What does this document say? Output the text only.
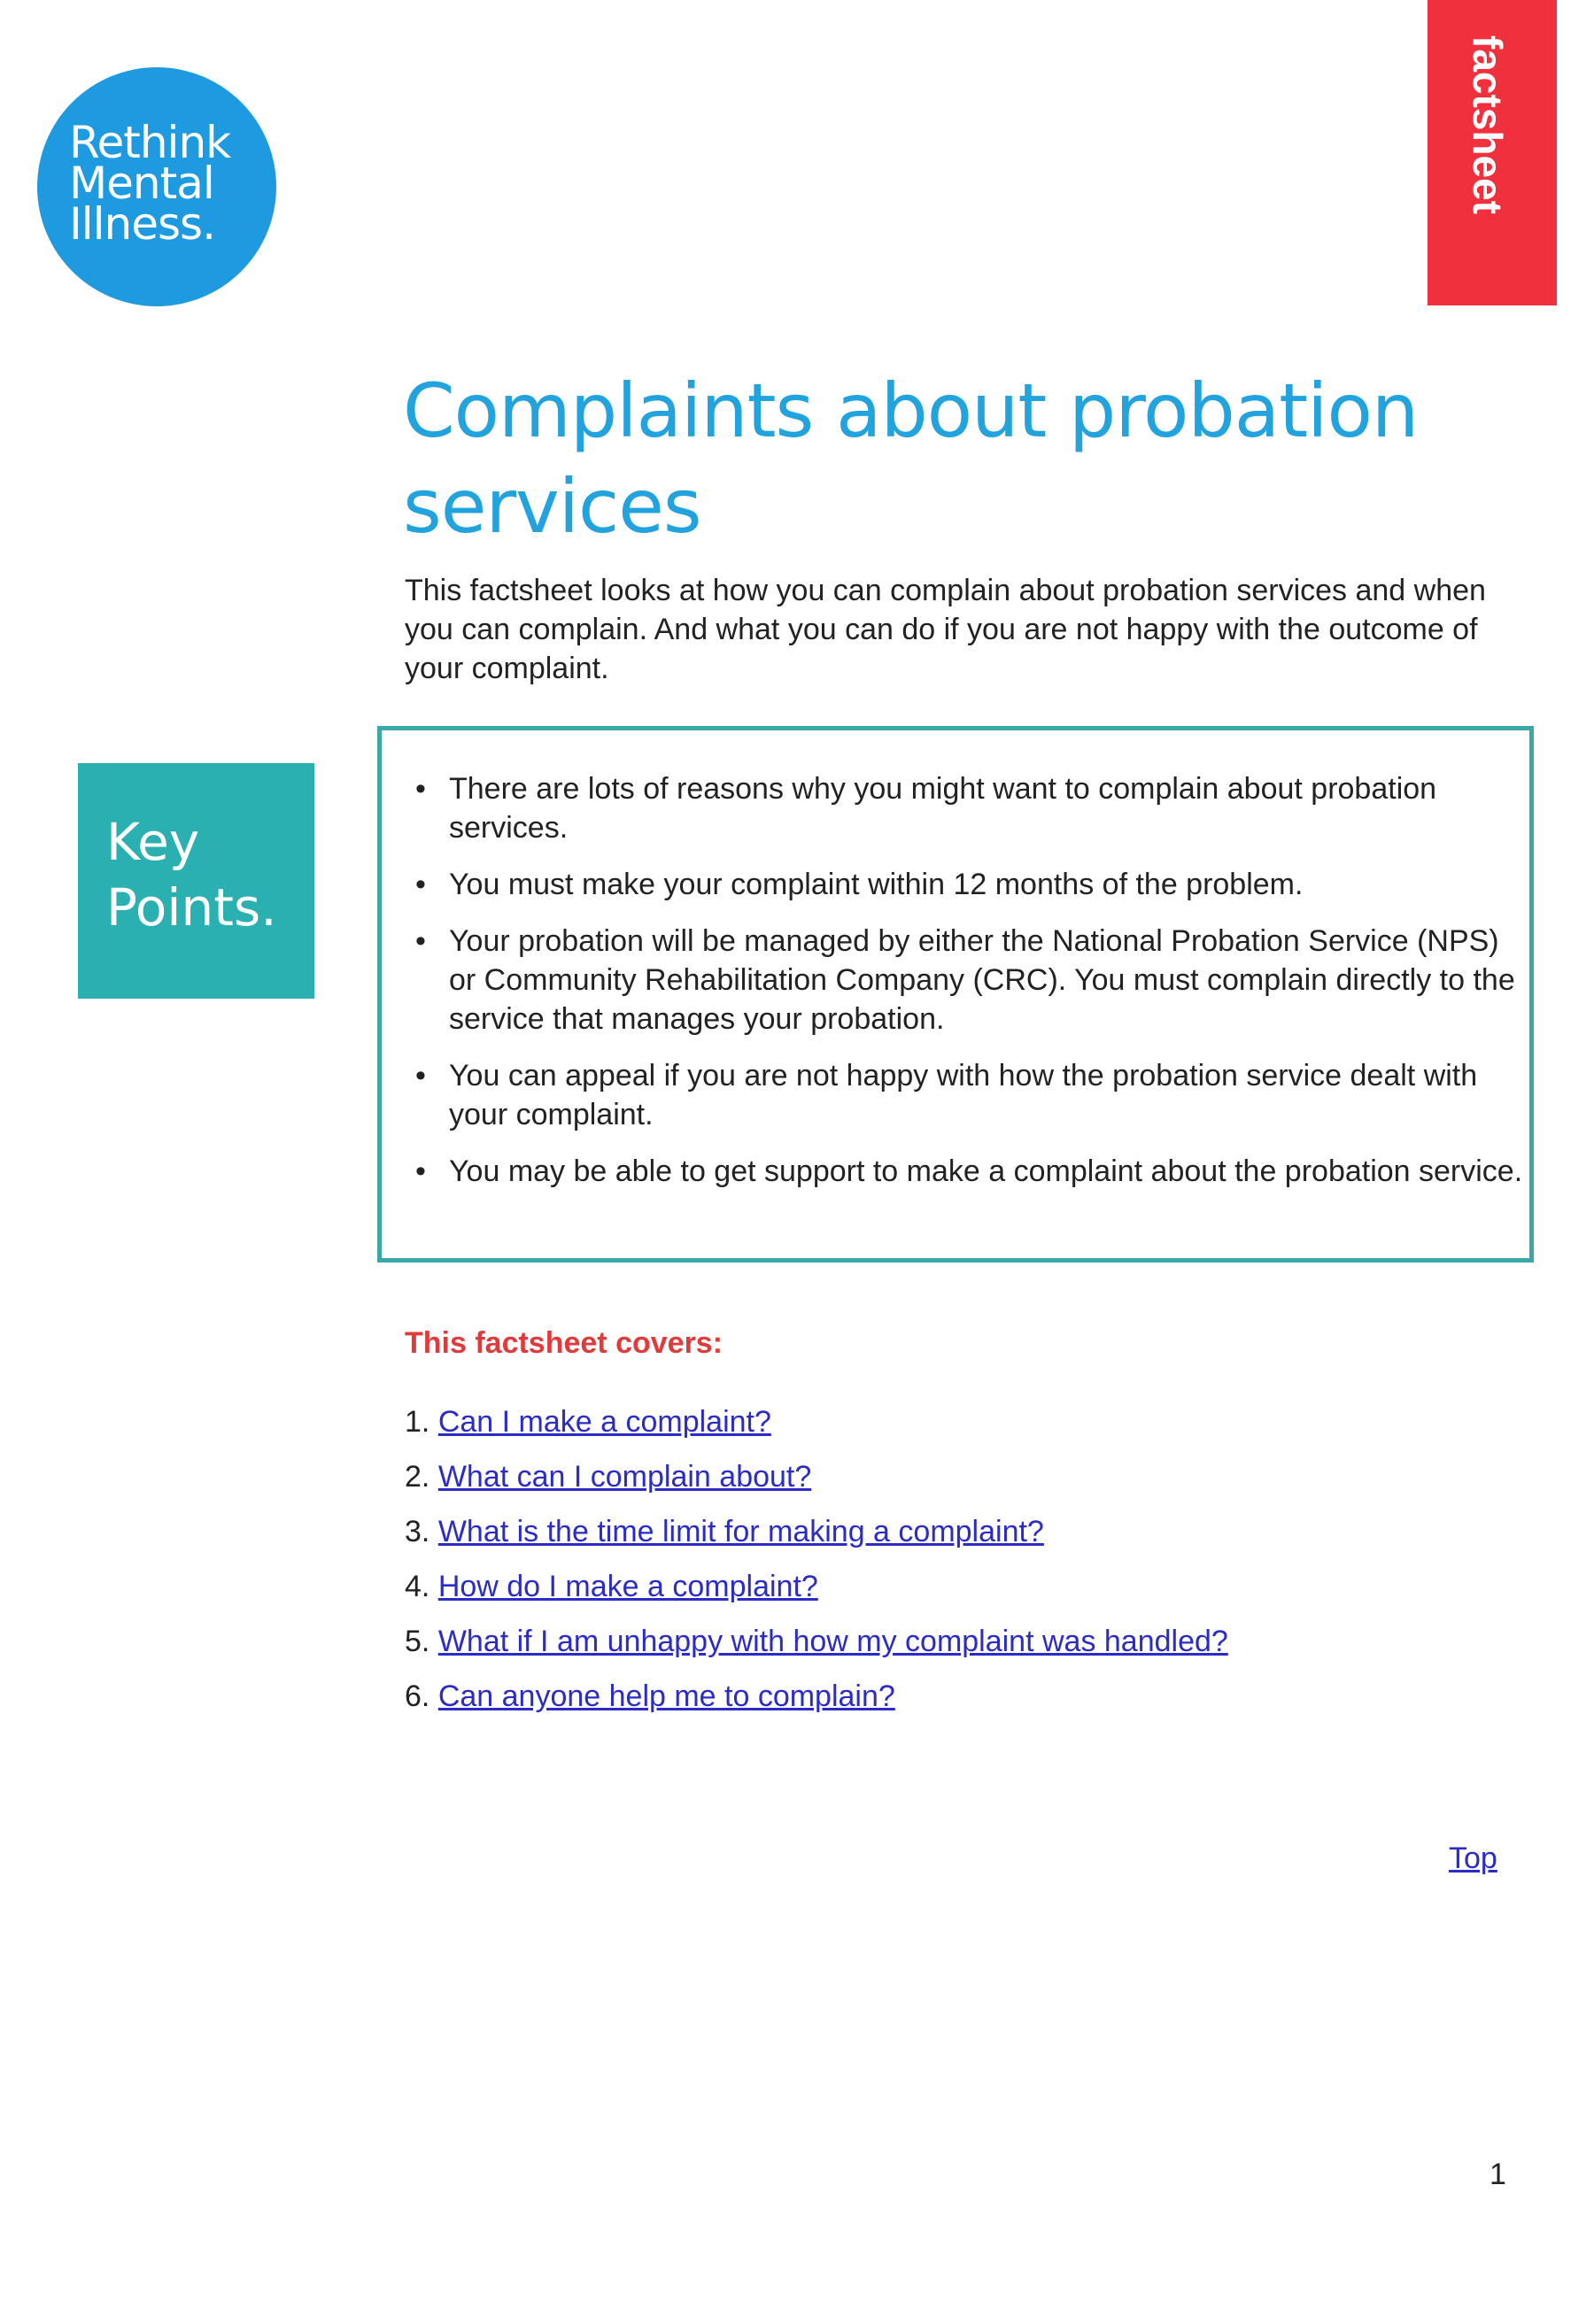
Rethink
Mental
Illness.
factsheet
Complaints about probation services

This factsheet looks at how you can complain about probation services and when you can complain. And what you can do if you are not happy with the outcome of your complaint.

Key
Points.
• There are lots of reasons why you might want to complain about probation services.
• You must make your complaint within 12 months of the problem.
• Your probation will be managed by either the National Probation Service (NPS) or Community Rehabilitation Company (CRC). You must complain directly to the service that manages your probation.
• You can appeal if you are not happy with how the probation service dealt with your complaint.
• You may be able to get support to make a complaint about the probation service.
This factsheet covers:
1. Can I make a complaint?
2. What can I complain about?
3. What is the time limit for making a complaint?
4. How do I make a complaint?
5. What if I am unhappy with how my complaint was handled?
6. Can anyone help me to complain?
Top
1
